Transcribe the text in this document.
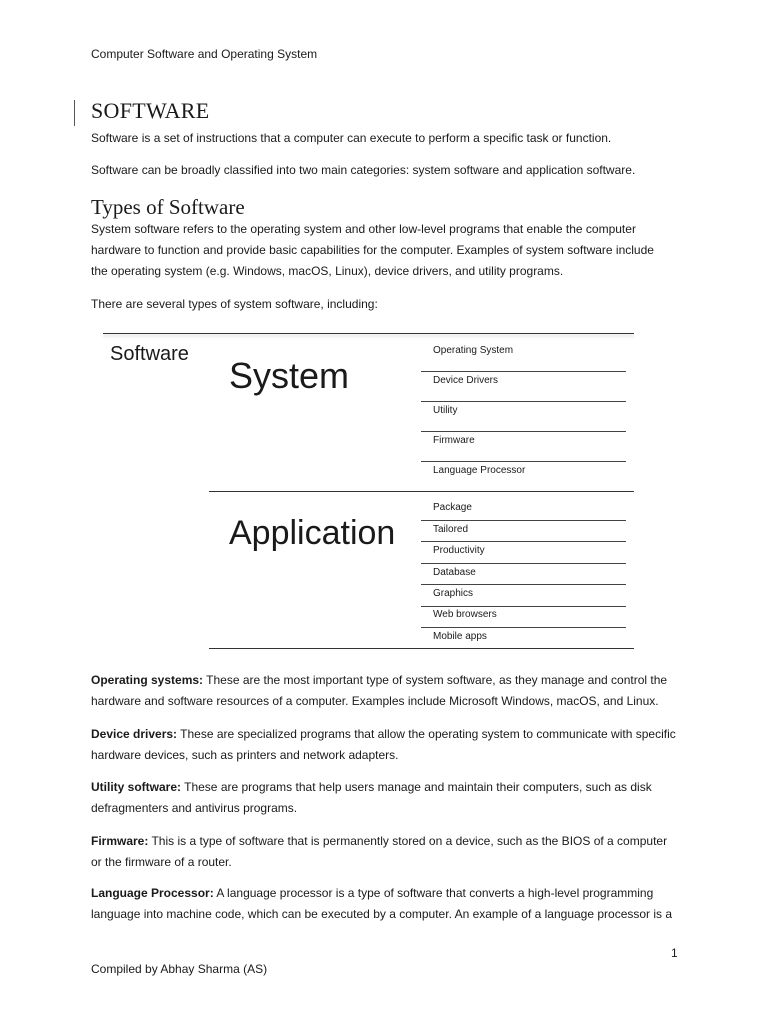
Computer Software and Operating System
SOFTWARE
Software is a set of instructions that a computer can execute to perform a specific task or function.
Software can be broadly classified into two main categories: system software and application software.
Types of Software
System software refers to the operating system and other low-level programs that enable the computer
hardware to function and provide basic capabilities for the computer. Examples of system software include
the operating system (e.g. Windows, macOS, Linux), device drivers, and utility programs.
There are several types of system software, including:
Software
System
Application
Operating System
Device Drivers
Utility
Firmware
Language Processor
Package
Tailored
Productivity
Database
Graphics
Web browsers
Mobile apps
Operating systems: These are the most important type of system software, as they manage and control the
hardware and software resources of a computer. Examples include Microsoft Windows, macOS, and Linux.
Device drivers: These are specialized programs that allow the operating system to communicate with specific
hardware devices, such as printers and network adapters.
Utility software: These are programs that help users manage and maintain their computers, such as disk
defragmenters and antivirus programs.
Firmware: This is a type of software that is permanently stored on a device, such as the BIOS of a computer
or the firmware of a router.
Language Processor: A language processor is a type of software that converts a high-level programming
language into machine code, which can be executed by a computer. An example of a language processor is a
1
Compiled by Abhay Sharma (AS)
